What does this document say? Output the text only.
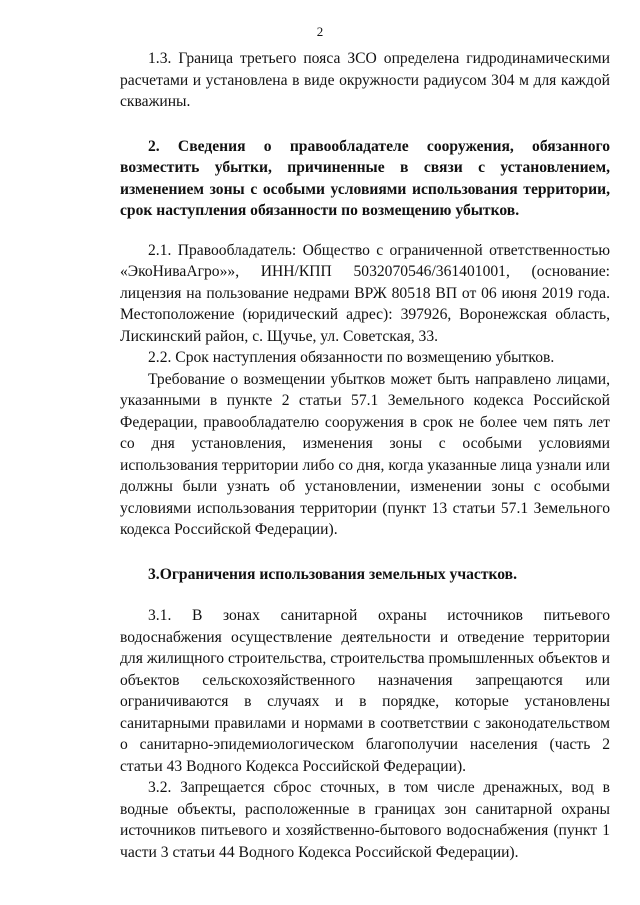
2

1.3. Граница третьего пояса ЗСО определена гидродинамическими расчетами и установлена в виде окружности радиусом 304 м для каждой скважины.

2. Сведения о правообладателе сооружения, обязанного возместить убытки, причиненные в связи с установлением, изменением зоны с особыми условиями использования территории, срок наступления обязанности по возмещению убытков.

2.1. Правообладатель: Общество с ограниченной ответственностью «ЭкоНиваАгро»», ИНН/КПП 5032070546/361401001, (основание: лицензия на пользование недрами ВРЖ 80518 ВП от 06 июня 2019 года. Местоположение (юридический адрес): 397926, Воронежская область, Лискинский район, с. Щучье, ул. Советская, 33.

2.2. Срок наступления обязанности по возмещению убытков.

Требование о возмещении убытков может быть направлено лицами, указанными в пункте 2 статьи 57.1 Земельного кодекса Российской Федерации, правообладателю сооружения в срок не более чем пять лет со дня установления, изменения зоны с особыми условиями использования территории либо со дня, когда указанные лица узнали или должны были узнать об установлении, изменении зоны с особыми условиями использования территории (пункт 13 статьи 57.1 Земельного кодекса Российской Федерации).

3.Ограничения использования земельных участков.

3.1. В зонах санитарной охраны источников питьевого водоснабжения осуществление деятельности и отведение территории для жилищного строительства, строительства промышленных объектов и объектов сельскохозяйственного назначения запрещаются или ограничиваются в случаях и в порядке, которые установлены санитарными правилами и нормами в соответствии с законодательством о санитарно-эпидемиологическом благополучии населения (часть 2 статьи 43 Водного Кодекса Российской Федерации).

3.2. Запрещается сброс сточных, в том числе дренажных, вод в водные объекты, расположенные в границах зон санитарной охраны источников питьевого и хозяйственно-бытового водоснабжения (пункт 1 части 3 статьи 44 Водного Кодекса Российской Федерации).
